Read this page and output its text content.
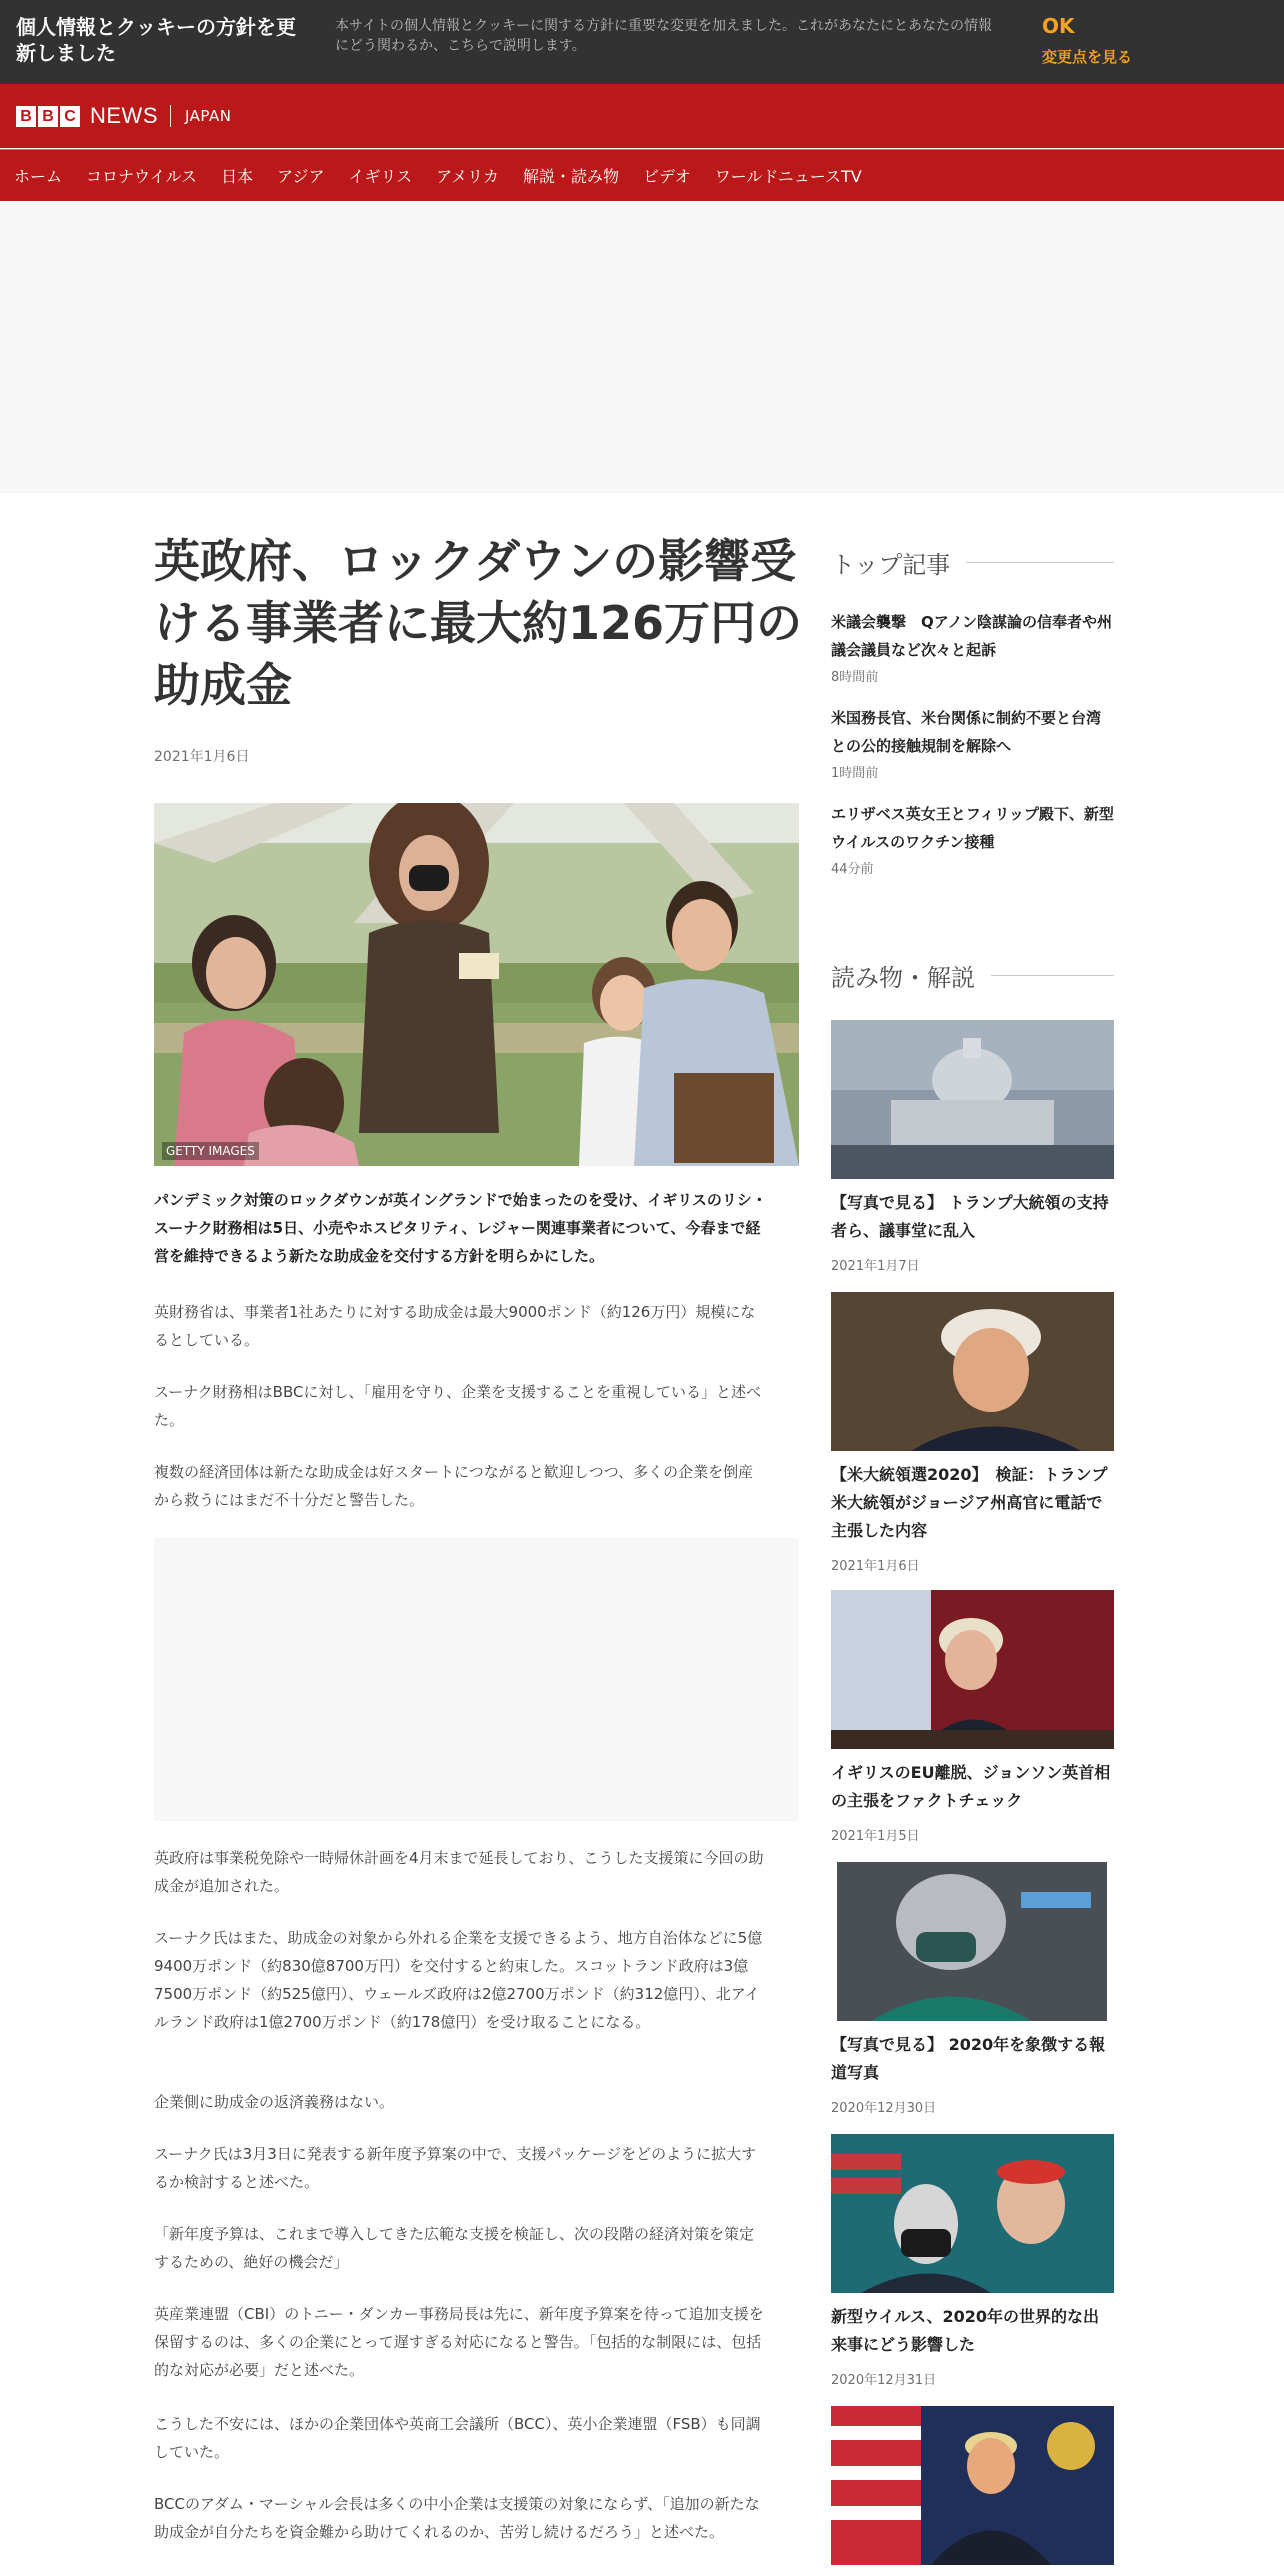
個人情報とクッキーの方針を更新しました
本サイトの個人情報とクッキーに関する方針に重要な変更を加えました。これがあなたにとあなたの情報にどう関わるか、こちらで説明します。
OK
変更点を見る
B B C NEWS JAPAN
ホーム コロナウイルス 日本 アジア イギリス アメリカ 解説・読み物 ビデオ ワールドニュースTV
英政府、ロックダウンの影響受ける事業者に最大約126万円の助成金
2021年1月6日
GETTY IMAGES

パンデミック対策のロックダウンが英イングランドで始まったのを受け、イギリスのリシ・スーナク財務相は5日、小売やホスピタリティ、レジャー関連事業者について、今春まで経営を維持できるよう新たな助成金を交付する方針を明らかにした。

英財務省は、事業者1社あたりに対する助成金は最大9000ポンド（約126万円）規模になるとしている。

スーナク財務相はBBCに対し、「雇用を守り、企業を支援することを重視している」と述べた。

複数の経済団体は新たな助成金は好スタートにつながると歓迎しつつ、多くの企業を倒産から救うにはまだ不十分だと警告した。

英政府は事業税免除や一時帰休計画を4月末まで延長しており、こうした支援策に今回の助成金が追加された。

スーナク氏はまた、助成金の対象から外れる企業を支援できるよう、地方自治体などに5億9400万ポンド（約830億8700万円）を交付すると約束した。スコットランド政府は3億7500万ポンド（約525億円）、ウェールズ政府は2億2700万ポンド（約312億円）、北アイルランド政府は1億2700万ポンド（約178億円）を受け取ることになる。

企業側に助成金の返済義務はない。

スーナク氏は3月3日に発表する新年度予算案の中で、支援パッケージをどのように拡大するか検討すると述べた。

「新年度予算は、これまで導入してきた広範な支援を検証し、次の段階の経済対策を策定するための、絶好の機会だ」

英産業連盟（CBI）のトニー・ダンカー事務局長は先に、新年度予算案を待って追加支援を保留するのは、多くの企業にとって遅すぎる対応になると警告。「包括的な制限には、包括的な対応が必要」だと述べた。

こうした不安には、ほかの企業団体や英商工会議所（BCC）、英小企業連盟（FSB）も同調していた。

BCCのアダム・マーシャル会長は多くの中小企業は支援策の対象にならず、「追加の新たな助成金が自分たちを資金難から助けてくれるのか、苦労し続けるだろう」と述べた。

トップ記事
米議会襲撃　Qアノン陰謀論の信奉者や州議会議員など次々と起訴
8時間前
米国務長官、米台関係に制約不要と台湾との公的接触規制を解除へ
1時間前
エリザベス英女王とフィリップ殿下、新型ウイルスのワクチン接種
44分前
読み物・解説
【写真で見る】 トランプ大統領の支持者ら、議事堂に乱入
2021年1月7日
【米大統領選2020】　検証：トランプ米大統領がジョージア州高官に電話で主張した内容
2021年1月6日
イギリスのEU離脱、ジョンソン英首相の主張をファクトチェック
2021年1月5日
【写真で見る】 2020年を象徴する報道写真
2020年12月30日
新型ウイルス、2020年の世界的な出来事にどう影響した
2020年12月31日
